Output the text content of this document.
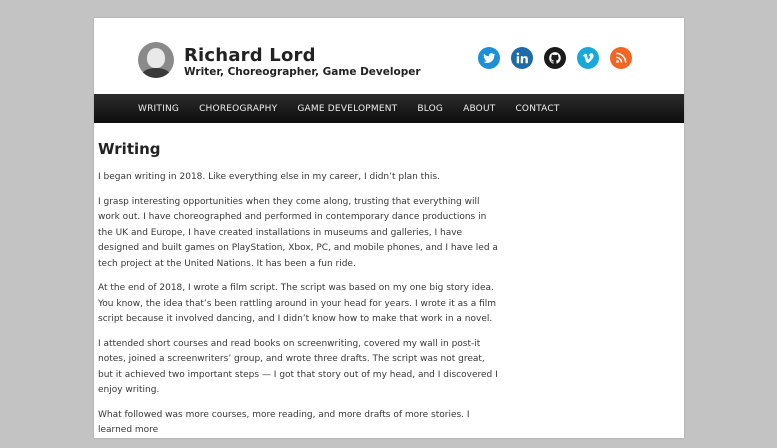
Richard Lord
Writer, Choreographer, Game Developer
WRITING	CHOREOGRAPHY	GAME DEVELOPMENT	BLOG	ABOUT	CONTACT
Writing

I began writing in 2018. Like everything else in my career, I didn’t plan this.

I grasp interesting opportunities when they come along, trusting that everything will work out. I have choreographed and performed in contemporary dance productions in the UK and Europe, I have created installations in museums and galleries, I have designed and built games on PlayStation, Xbox, PC, and mobile phones, and I have led a tech project at the United Nations. It has been a fun ride.

At the end of 2018, I wrote a film script. The script was based on my one big story idea. You know, the idea that’s been rattling around in your head for years. I wrote it as a film script because it involved dancing, and I didn’t know how to make that work in a novel.

I attended short courses and read books on screenwriting, covered my wall in post-it notes, joined a screenwriters’ group, and wrote three drafts. The script was not great, but it achieved two important steps — I got that story out of my head, and I discovered I enjoy writing.

What followed was more courses, more reading, and more drafts of more stories. I learned more
